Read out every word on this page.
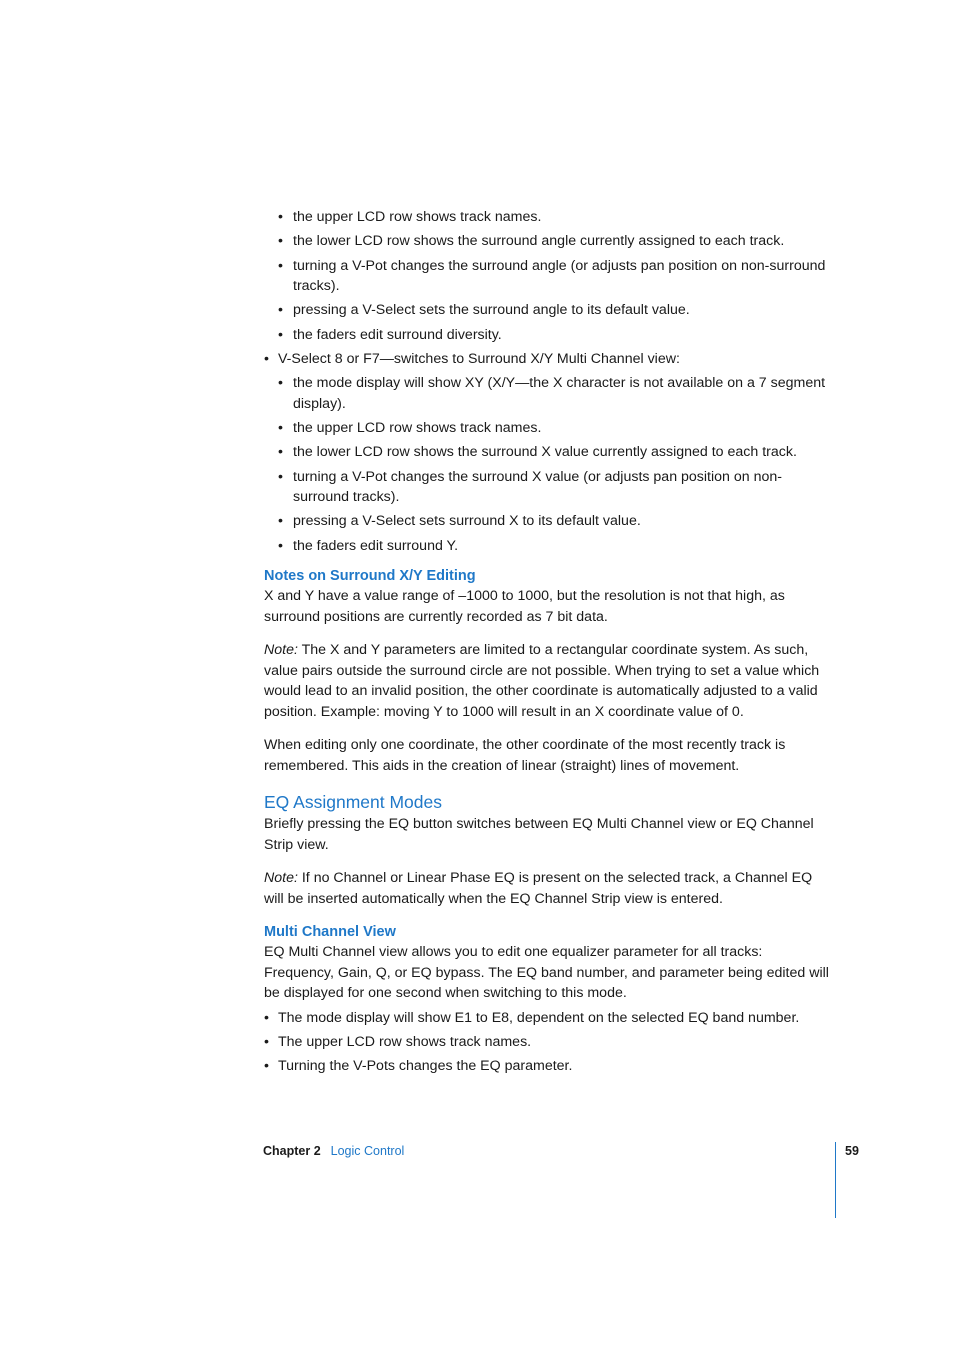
• the upper LCD row shows track names.
• the lower LCD row shows the surround angle currently assigned to each track.
• turning a V-Pot changes the surround angle (or adjusts pan position on non-surround tracks).
• pressing a V-Select sets the surround angle to its default value.
• the faders edit surround diversity.
• V-Select 8 or F7—switches to Surround X/Y Multi Channel view:
• the mode display will show XY (X/Y—the X character is not available on a 7 segment display).
• the upper LCD row shows track names.
• the lower LCD row shows the surround X value currently assigned to each track.
• turning a V-Pot changes the surround X value (or adjusts pan position on non-surround tracks).
• pressing a V-Select sets surround X to its default value.
• the faders edit surround Y.
Notes on Surround X/Y Editing

X and Y have a value range of –1000 to 1000, but the resolution is not that high, as surround positions are currently recorded as 7 bit data.

Note: The X and Y parameters are limited to a rectangular coordinate system. As such, value pairs outside the surround circle are not possible. When trying to set a value which would lead to an invalid position, the other coordinate is automatically adjusted to a valid position. Example: moving Y to 1000 will result in an X coordinate value of 0.

When editing only one coordinate, the other coordinate of the most recently track is remembered. This aids in the creation of linear (straight) lines of movement.

EQ Assignment Modes

Briefly pressing the EQ button switches between EQ Multi Channel view or EQ Channel Strip view.

Note: If no Channel or Linear Phase EQ is present on the selected track, a Channel EQ will be inserted automatically when the EQ Channel Strip view is entered.

Multi Channel View

EQ Multi Channel view allows you to edit one equalizer parameter for all tracks: Frequency, Gain, Q, or EQ bypass. The EQ band number, and parameter being edited will be displayed for one second when switching to this mode.

• The mode display will show E1 to E8, dependent on the selected EQ band number.
• The upper LCD row shows track names.
• Turning the V-Pots changes the EQ parameter.
Chapter 2 Logic Control	59
